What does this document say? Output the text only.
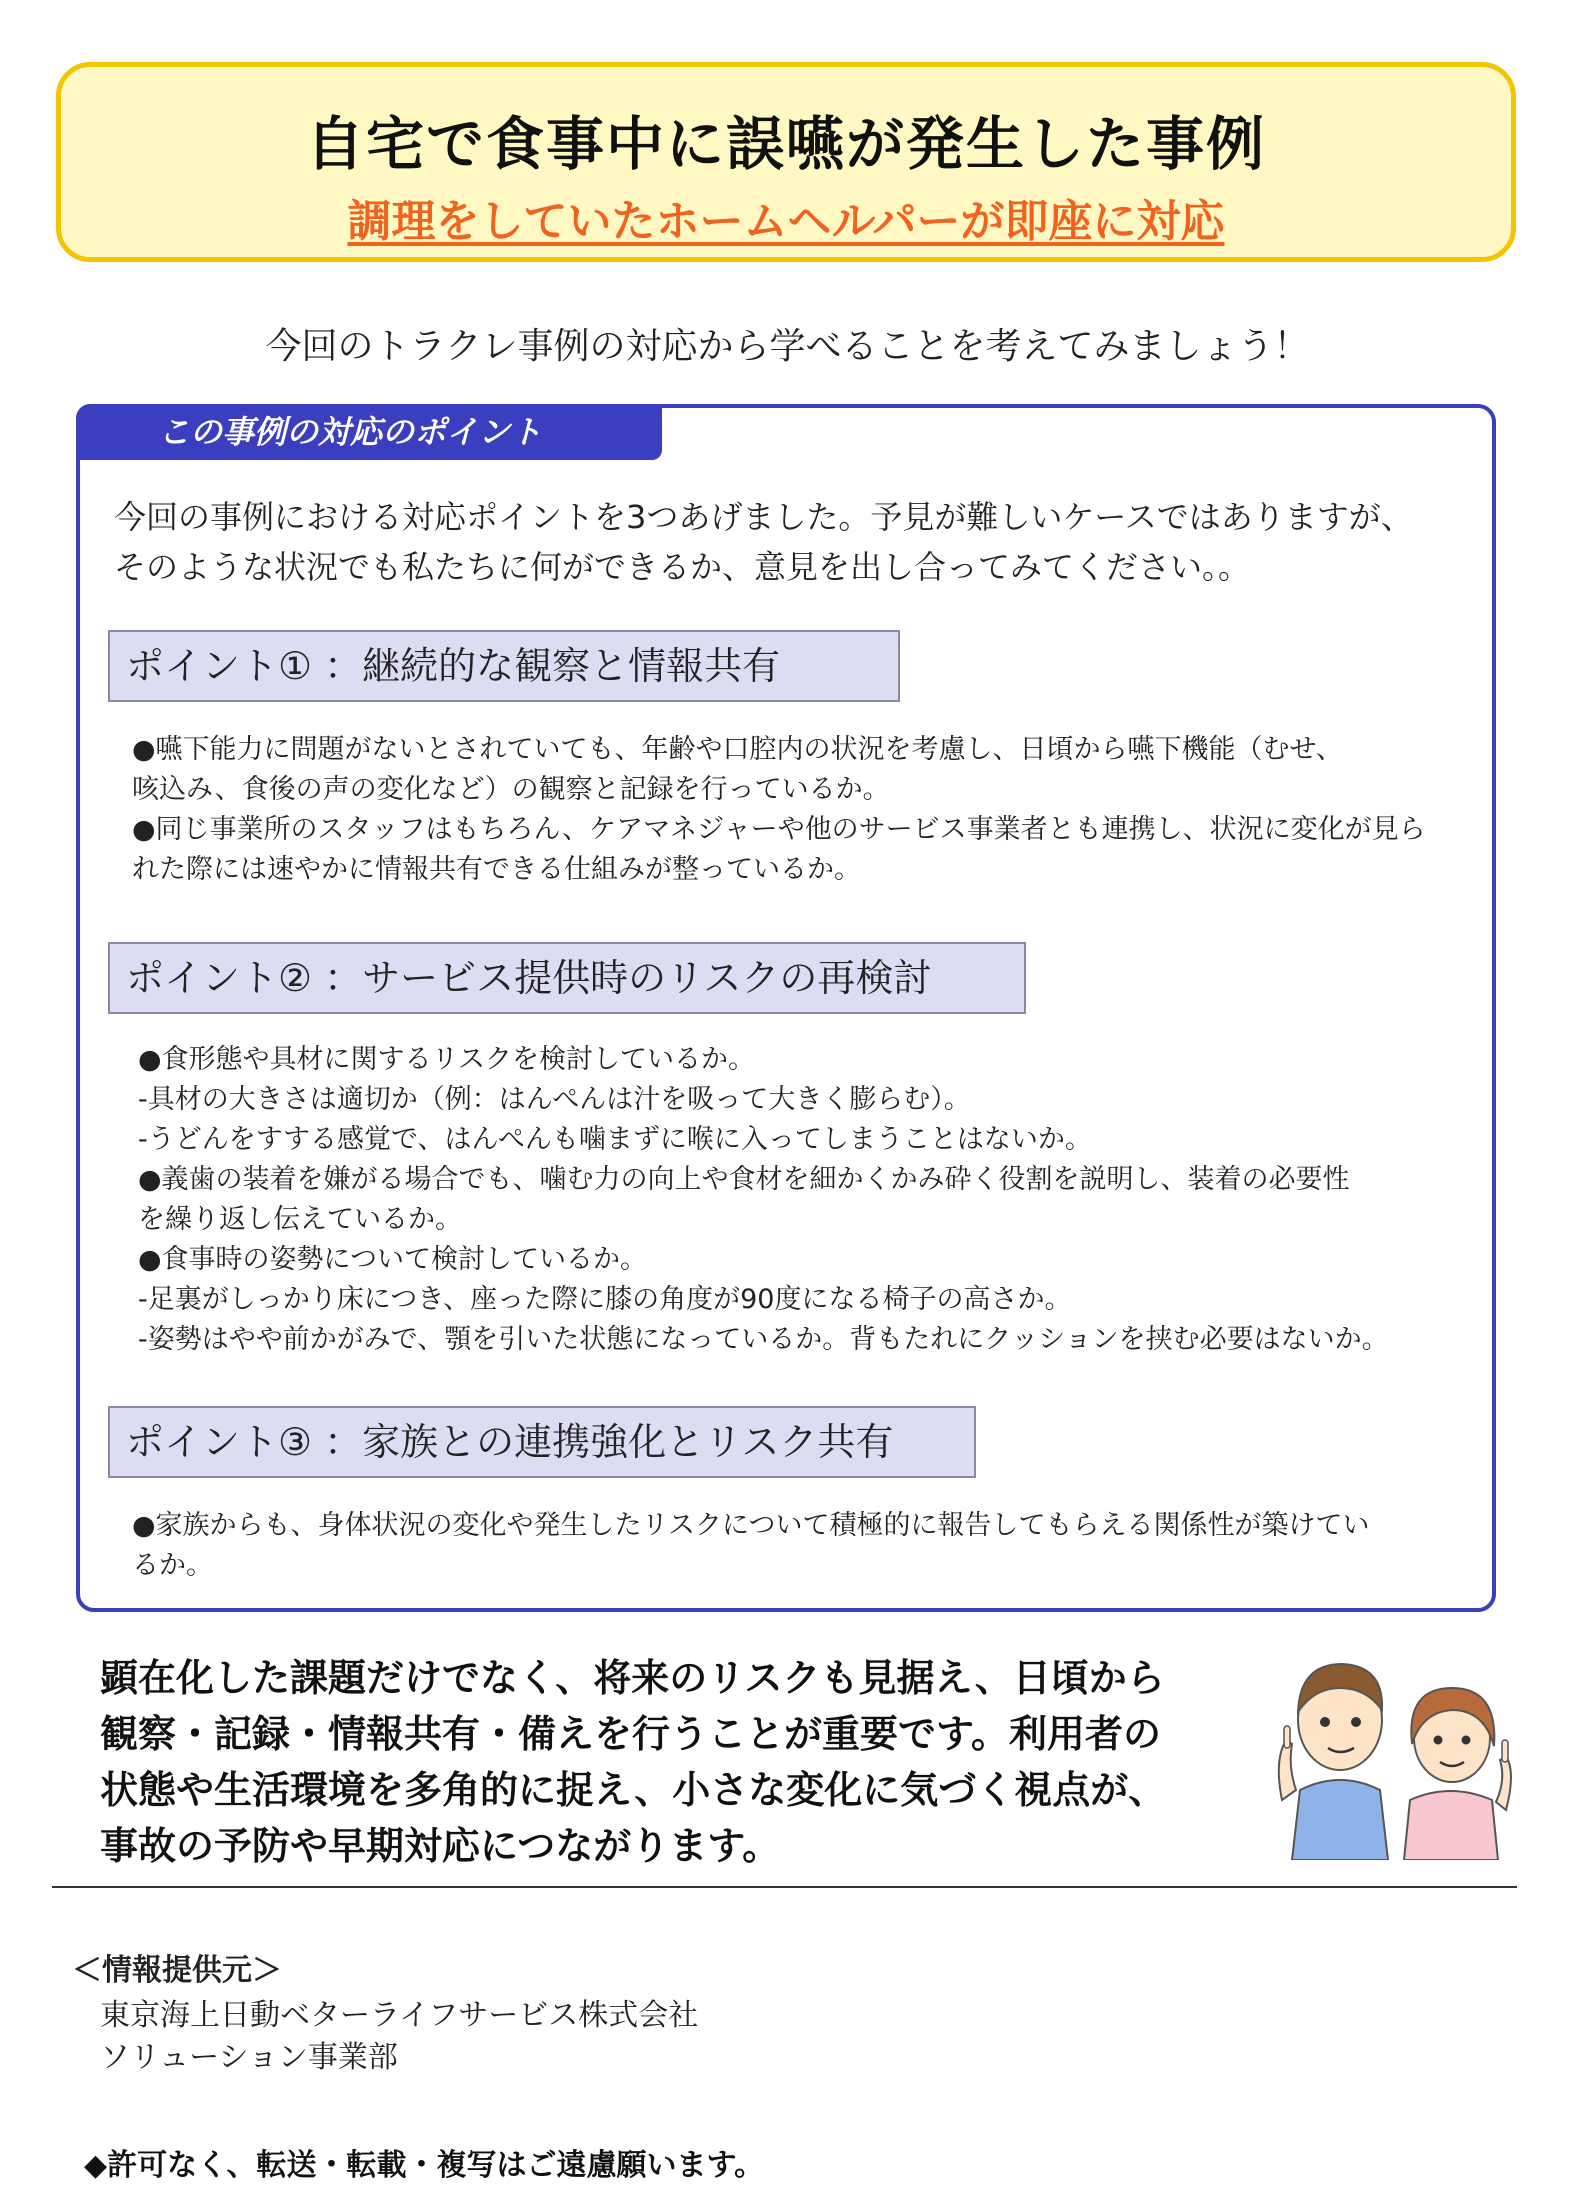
自宅で食事中に誤嚥が発生した事例
調理をしていたホームヘルパーが即座に対応
今回のトラクレ事例の対応から学べることを考えてみましょう！
この事例の対応のポイント
今回の事例における対応ポイントを3つあげました。予見が難しいケースではありますが、
そのような状況でも私たちに何ができるか、意見を出し合ってみてください。。
ポイント① ：継続的な観察と情報共有
●嚥下能力に問題がないとされていても、年齢や口腔内の状況を考慮し、日頃から嚥下機能（むせ、
咳込み、食後の声の変化など）の観察と記録を行っているか。
●同じ事業所のスタッフはもちろん、ケアマネジャーや他のサービス事業者とも連携し、状況に変化が見ら
れた際には速やかに情報共有できる仕組みが整っているか。
ポイント② ：サービス提供時のリスクの再検討
●食形態や具材に関するリスクを検討しているか。
-具材の大きさは適切か（例：はんぺんは汁を吸って大きく膨らむ）。
-うどんをすする感覚で、はんぺんも噛まずに喉に入ってしまうことはないか。
●義歯の装着を嫌がる場合でも、噛む力の向上や食材を細かくかみ砕く役割を説明し、装着の必要性
を繰り返し伝えているか。
●食事時の姿勢について検討しているか。
-足裏がしっかり床につき、座った際に膝の角度が90度になる椅子の高さか。
-姿勢はやや前かがみで、顎を引いた状態になっているか。背もたれにクッションを挟む必要はないか。
ポイント③ ：家族との連携強化とリスク共有
●家族からも、身体状況の変化や発生したリスクについて積極的に報告してもらえる関係性が築けてい
るか。
顕在化した課題だけでなく、将来のリスクも見据え、日頃から
観察・記録・情報共有・備えを行うことが重要です。利用者の
状態や生活環境を多角的に捉え、小さな変化に気づく視点が、
事故の予防や早期対応につながります。
＜情報提供元＞
東京海上日動ベターライフサービス株式会社
ソリューション事業部
◆許可なく、転送・転載・複写はご遠慮願います。
